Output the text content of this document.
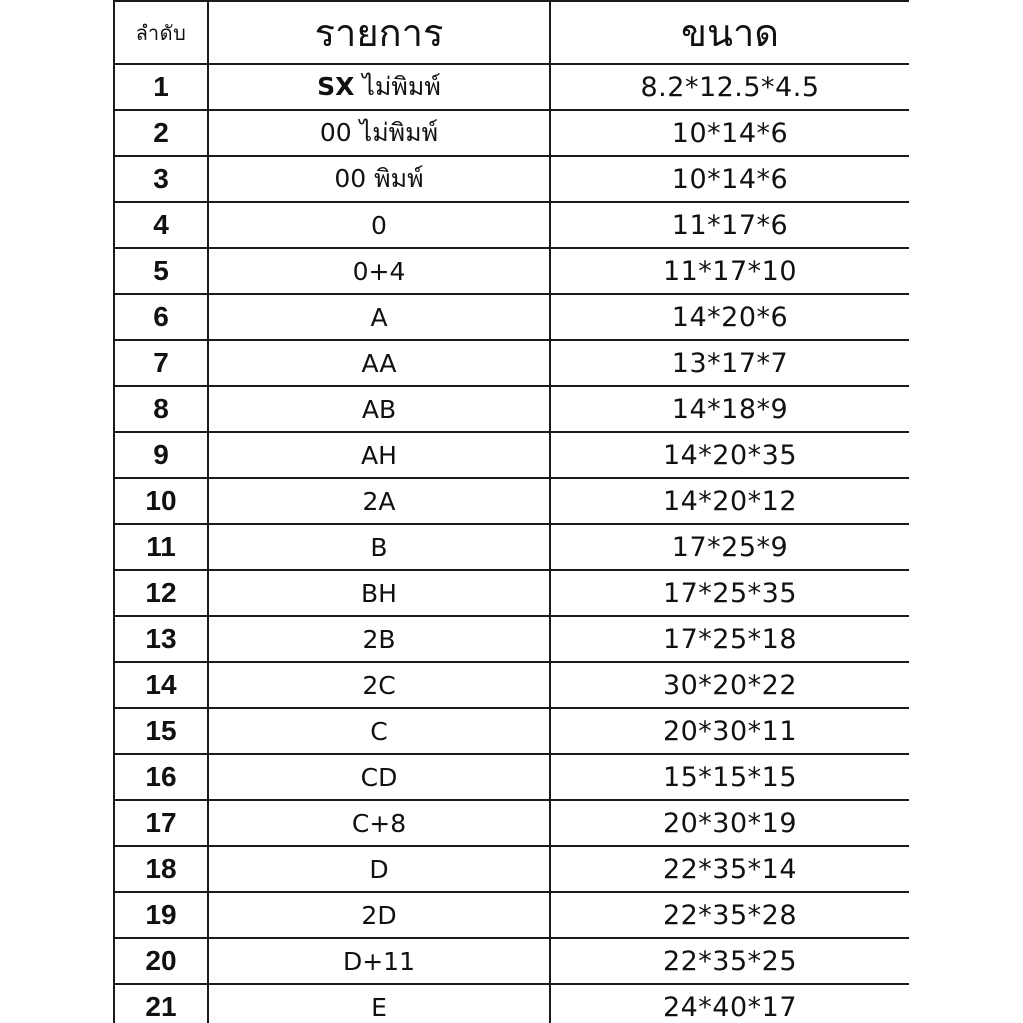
ลำดับ	รายการ	ขนาด
1	SX ไม่พิมพ์	8.2*12.5*4.5
2	00 ไม่พิมพ์	10*14*6
3	00 พิมพ์	10*14*6
4	0	11*17*6
5	0+4	11*17*10
6	A	14*20*6
7	AA	13*17*7
8	AB	14*18*9
9	AH	14*20*35
10	2A	14*20*12
11	B	17*25*9
12	BH	17*25*35
13	2B	17*25*18
14	2C	30*20*22
15	C	20*30*11
16	CD	15*15*15
17	C+8	20*30*19
18	D	22*35*14
19	2D	22*35*28
20	D+11	22*35*25
21	E	24*40*17
